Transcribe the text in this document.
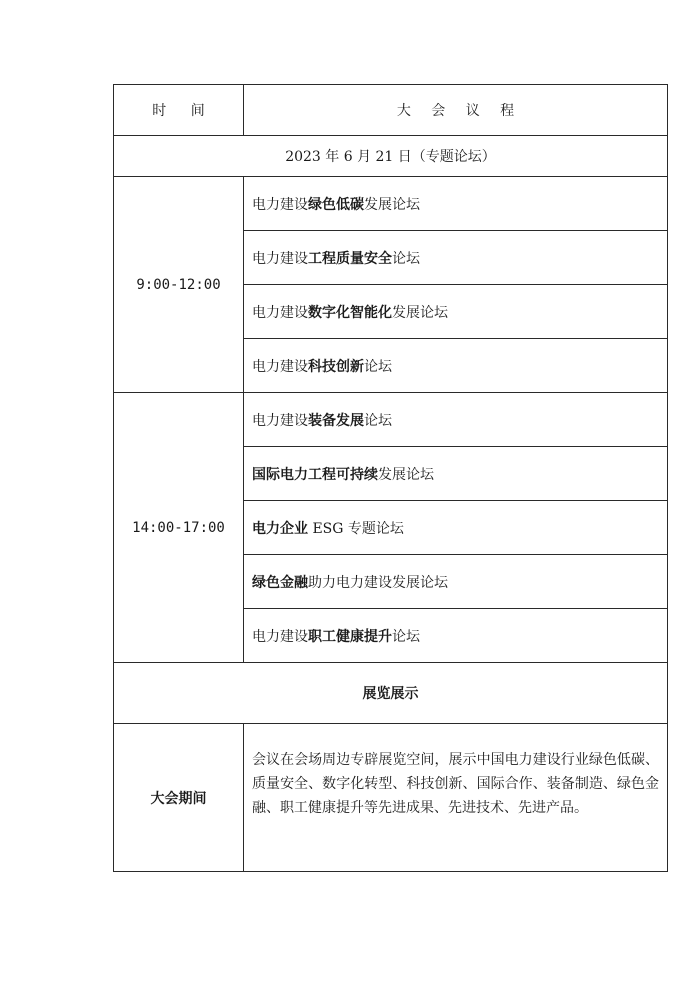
时 间	大 会 议 程
2023 年 6 月 21 日（专题论坛）	
9:00-12:00	电力建设绿色低碳发展论坛
	电力建设工程质量安全论坛
	电力建设数字化智能化发展论坛
	电力建设科技创新论坛
14:00-17:00	电力建设装备发展论坛
	国际电力工程可持续发展论坛
	电力企业 ESG 专题论坛
	绿色金融助力电力建设发展论坛
	电力建设职工健康提升论坛
展览展示	
大会期间	会议在会场周边专辟展览空间，展示中国电力建设行业绿色低碳、质量安全、数字化转型、科技创新、国际合作、装备制造、绿色金融、职工健康提升等先进成果、先进技术、先进产品。
